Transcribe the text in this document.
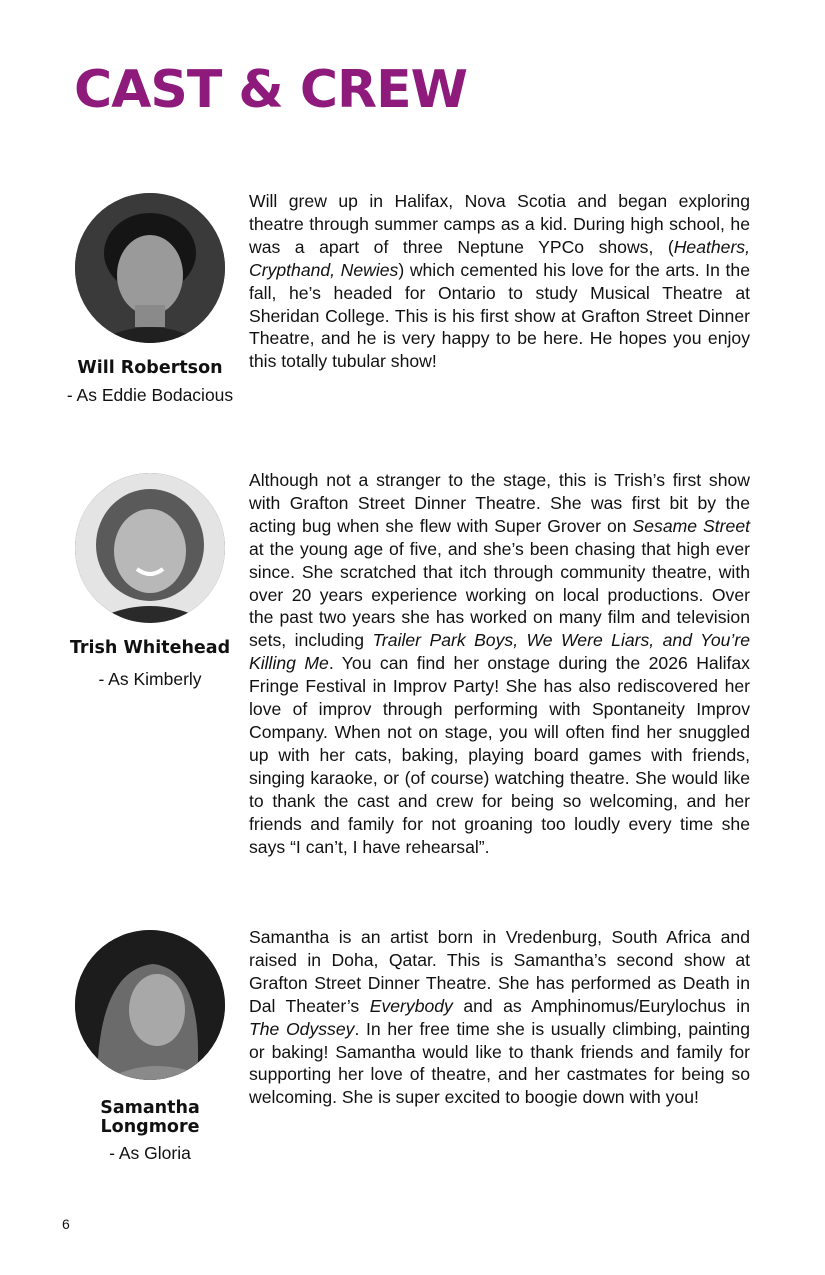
CAST & CREW
Will Robertson
- As Eddie Bodacious

Will grew up in Halifax, Nova Scotia and began exploring theatre through summer camps as a kid. During high school, he was a apart of three Neptune YPCo shows, (Heathers, Crypthand, Newies) which cemented his love for the arts. In the fall, he’s headed for Ontario to study Musical Theatre at Sheridan College. This is his first show at Grafton Street Dinner Theatre, and he is very happy to be here. He hopes you enjoy this totally tubular show!

Trish Whitehead
- As Kimberly

Although not a stranger to the stage, this is Trish’s first show with Grafton Street Dinner Theatre. She was first bit by the acting bug when she flew with Super Grover on Sesame Street at the young age of five, and she’s been chasing that high ever since. She scratched that itch through community theatre, with over 20 years experience working on local productions. Over the past two years she has worked on many film and television sets, including Trailer Park Boys, We Were Liars, and You’re Killing Me. You can find her onstage during the 2026 Halifax Fringe Festival in Improv Party! She has also rediscovered her love of improv through performing with Spontaneity Improv Company. When not on stage, you will often find her snuggled up with her cats, baking, playing board games with friends, singing karaoke, or (of course) watching theatre. She would like to thank the cast and crew for being so welcoming, and her friends and family for not groaning too loudly every time she says “I can’t, I have rehearsal”.

Samantha Longmore
- As Gloria

Samantha is an artist born in Vredenburg, South Africa and raised in Doha, Qatar. This is Samantha’s second show at Grafton Street Dinner Theatre. She has performed as Death in Dal Theater’s Everybody and as Amphinomus/Eurylochus in The Odyssey. In her free time she is usually climbing, painting or baking! Samantha would like to thank friends and family for supporting her love of theatre, and her castmates for being so welcoming. She is super excited to boogie down with you!

6
